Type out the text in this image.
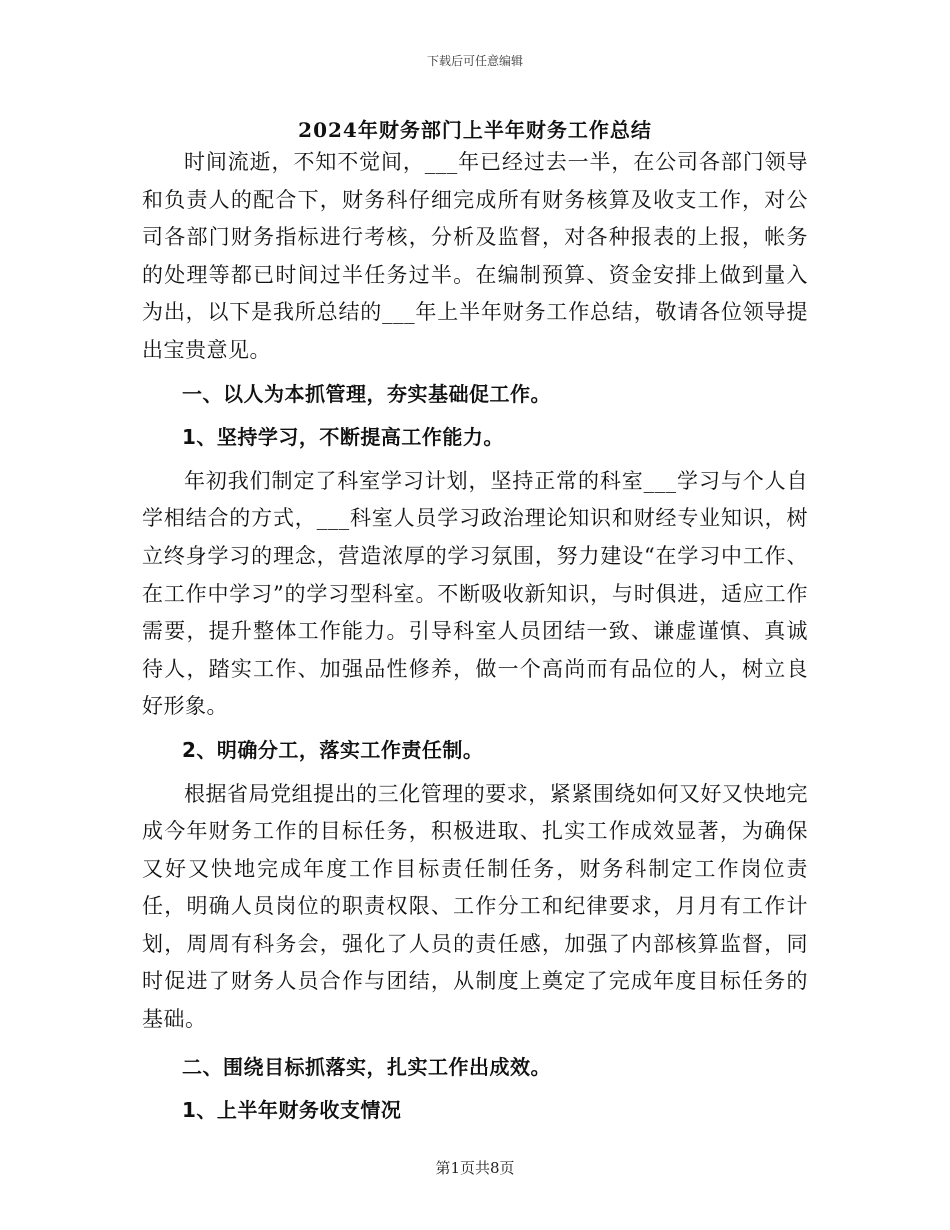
下载后可任意编辑
2024年财务部门上半年财务工作总结

时间流逝，不知不觉间，___年已经过去一半，在公司各部门领导和负责人的配合下，财务科仔细完成所有财务核算及收支工作，对公司各部门财务指标进行考核，分析及监督，对各种报表的上报，帐务的处理等都已时间过半任务过半。在编制预算、资金安排上做到量入为出，以下是我所总结的___年上半年财务工作总结，敬请各位领导提出宝贵意见。

一、以人为本抓管理，夯实基础促工作。

1、坚持学习，不断提高工作能力。

年初我们制定了科室学习计划，坚持正常的科室___学习与个人自学相结合的方式，___科室人员学习政治理论知识和财经专业知识，树立终身学习的理念，营造浓厚的学习氛围，努力建设“在学习中工作、在工作中学习”的学习型科室。不断吸收新知识，与时俱进，适应工作需要，提升整体工作能力。引导科室人员团结一致、谦虚谨慎、真诚待人，踏实工作、加强品性修养，做一个高尚而有品位的人，树立良好形象。

2、明确分工，落实工作责任制。

根据省局党组提出的三化管理的要求，紧紧围绕如何又好又快地完成今年财务工作的目标任务，积极进取、扎实工作成效显著，为确保又好又快地完成年度工作目标责任制任务，财务科制定工作岗位责任，明确人员岗位的职责权限、工作分工和纪律要求，月月有工作计划，周周有科务会，强化了人员的责任感，加强了内部核算监督，同时促进了财务人员合作与团结，从制度上奠定了完成年度目标任务的基础。

二、围绕目标抓落实，扎实工作出成效。

1、上半年财务收支情况

第1页共8页
